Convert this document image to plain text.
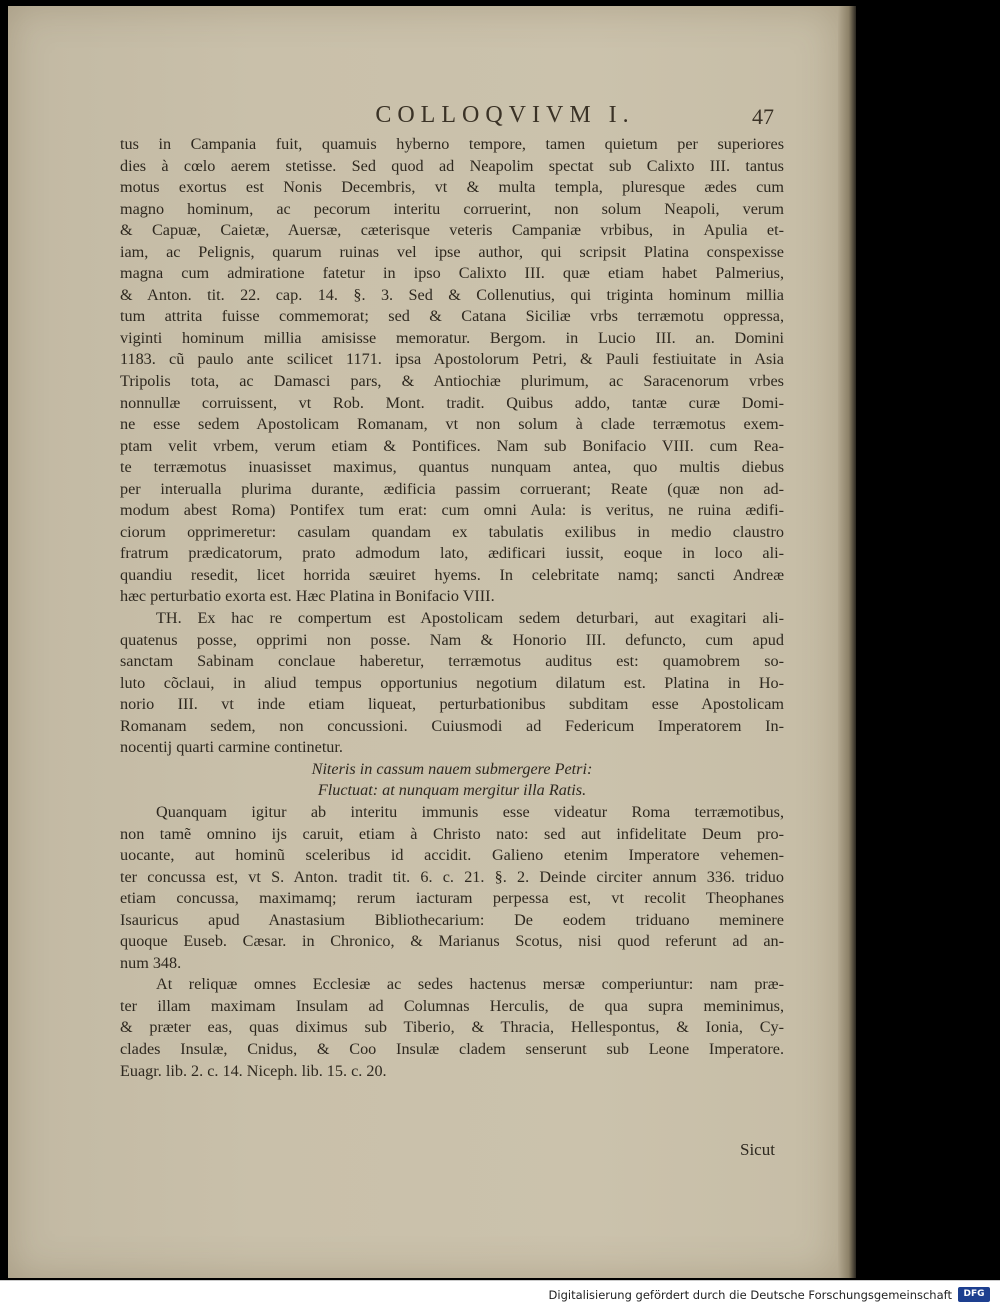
COLLOQVIVM I.	47
tus in Campania fuit, quamuis hyberno tempore, tamen quietum per superiores
dies à cœlo aerem stetisse. Sed quod ad Neapolim spectat sub Calixto III. tantus
motus exortus est Nonis Decembris, vt & multa templa, pluresque ædes cum
magno hominum, ac pecorum interitu corruerint, non solum Neapoli, verum
& Capuæ, Caietæ, Auersæ, cæterisque veteris Campaniæ vrbibus, in Apulia et-
iam, ac Pelignis, quarum ruinas vel ipse author, qui scripsit Platina conspexisse
magna cum admiratione fatetur in ipso Calixto III. quæ etiam habet Palmerius,
& Anton. tit. 22. cap. 14. §. 3. Sed & Collenutius, qui triginta hominum millia
tum attrita fuisse commemorat; sed & Catana Siciliæ vrbs terræmotu oppressa,
viginti hominum millia amisisse memoratur. Bergom. in Lucio III. an. Domini
1183. cũ paulo ante scilicet 1171. ipsa Apostolorum Petri, & Pauli festiuitate in Asia
Tripolis tota, ac Damasci pars, & Antiochiæ plurimum, ac Saracenorum vrbes
nonnullæ corruissent, vt Rob. Mont. tradit. Quibus addo, tantæ curæ Domi-
ne esse sedem Apostolicam Romanam, vt non solum à clade terræmotus exem-
ptam velit vrbem, verum etiam & Pontifices. Nam sub Bonifacio VIII. cum Rea-
te terræmotus inuasisset maximus, quantus nunquam antea, quo multis diebus
per interualla plurima durante, ædificia passim corruerant; Reate (quæ non ad-
modum abest Roma) Pontifex tum erat: cum omni Aula: is veritus, ne ruina ædifi-
ciorum opprimeretur: casulam quandam ex tabulatis exilibus in medio claustro
fratrum prædicatorum, prato admodum lato, ædificari iussit, eoque in loco ali-
quandiu resedit, licet horrida sæuiret hyems. In celebritate namq; sancti Andreæ
hæc perturbatio exorta est. Hæc Platina in Bonifacio VIII.
TH. Ex hac re compertum est Apostolicam sedem deturbari, aut exagitari ali-
quatenus posse, opprimi non posse. Nam & Honorio III. defuncto, cum apud
sanctam Sabinam conclaue haberetur, terræmotus auditus est: quamobrem so-
luto cõclaui, in aliud tempus opportunius negotium dilatum est. Platina in Ho-
norio III. vt inde etiam liqueat, perturbationibus subditam esse Apostolicam
Romanam sedem, non concussioni. Cuiusmodi ad Federicum Imperatorem In-
nocentij quarti carmine continetur.
Niteris in cassum nauem submergere Petri:
Fluctuat: at nunquam mergitur illa Ratis.
Quanquam igitur ab interitu immunis esse videatur Roma terræmotibus,
non tamẽ omnino ijs caruit, etiam à Christo nato: sed aut infidelitate Deum pro-
uocante, aut hominũ sceleribus id accidit. Galieno etenim Imperatore vehemen-
ter concussa est, vt S. Anton. tradit tit. 6. c. 21. §. 2. Deinde circiter annum 336. triduo
etiam concussa, maximamq; rerum iacturam perpessa est, vt recolit Theophanes
Isauricus apud Anastasium Bibliothecarium: De eodem triduano meminere
quoque Euseb. Cæsar. in Chronico, & Marianus Scotus, nisi quod referunt ad an-
num 348.
At reliquæ omnes Ecclesiæ ac sedes hactenus mersæ comperiuntur: nam præ-
ter illam maximam Insulam ad Columnas Herculis, de qua supra meminimus,
& præter eas, quas diximus sub Tiberio, & Thracia, Hellespontus, & Ionia, Cy-
clades Insulæ, Cnidus, & Coo Insulæ cladem senserunt sub Leone Imperatore.
Euagr. lib. 2. c. 14. Niceph. lib. 15. c. 20.
Sicut
Digitalisierung gefördert durch die Deutsche Forschungsgemeinschaft	DFG
